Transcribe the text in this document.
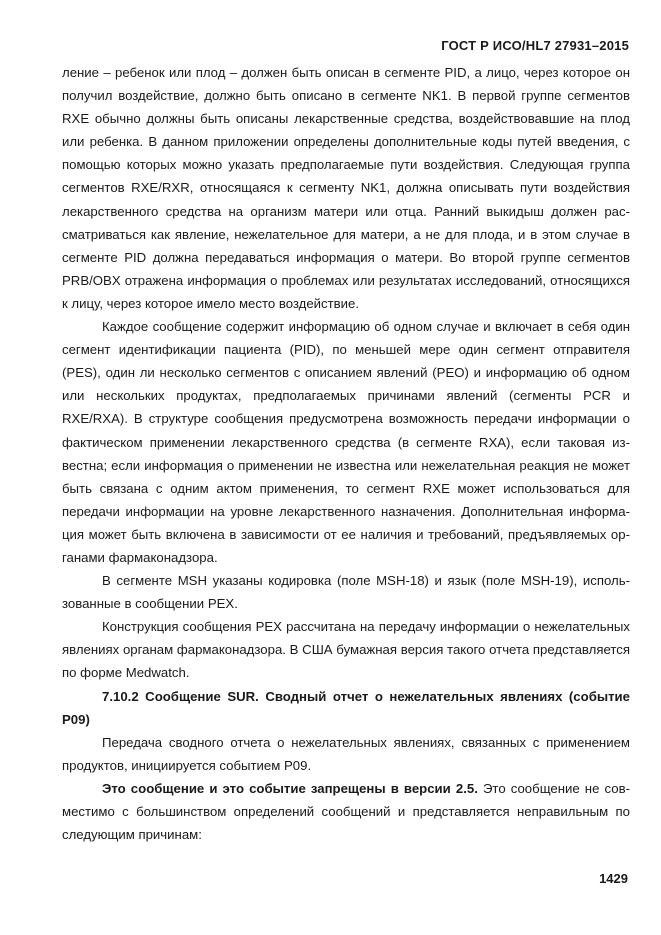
ГОСТ Р ИСО/HL7 27931–2015

ление – ребенок или плод – должен быть описан в сегменте PID, а лицо, через которое он получил воздействие, должно быть описано в сегменте NK1. В первой группе сегментов RXE обычно должны быть описаны лекарственные средства, воздействовавшие на плод или ребенка. В данном приложении определены дополнительные коды путей введения, с помощью которых можно указать предполагаемые пути воздействия. Следующая группа сегментов RXE/RXR, относящаяся к сегменту NK1, должна описывать пути воздействия лекарственного средства на организм матери или отца. Ранний выкидыш должен рассматриваться как явление, нежелательное для матери, а не для плода, и в этом случае в сегменте PID должна передаваться информация о матери. Во второй группе сегментов PRB/OBX отражена информация о проблемах или результатах исследований, относящихся к лицу, через которое имело место воздействие.

Каждое сообщение содержит информацию об одном случае и включает в себя один сегмент идентификации пациента (PID), по меньшей мере один сегмент отправителя (PES), один ли несколько сегментов с описанием явлений (PEO) и информацию об одном или нескольких продуктах, предполагаемых причинами явлений (сегменты PCR и RXE/RXA). В структуре сообщения предусмотрена возможность передачи информации о фактическом применении лекарственного средства (в сегменте RXA), если таковая известна; если информация о применении не известна или нежелательная реакция не может быть связана с одним актом применения, то сегмент RXE может использоваться для передачи информации на уровне лекарственного назначения. Дополнительная информация может быть включена в зависимости от ее наличия и требований, предъявляемых органами фармаконадзора.

В сегменте MSH указаны кодировка (поле MSH-18) и язык (поле MSH-19), использованные в сообщении PEX.

Конструкция сообщения PEX рассчитана на передачу информации о нежелательных явлениях органам фармаконадзора. В США бумажная версия такого отчета представляется по форме Medwatch.

7.10.2 Сообщение SUR. Сводный отчет о нежелательных явлениях (событие P09)

Передача сводного отчета о нежелательных явлениях, связанных с применением продуктов, инициируется событием P09.

Это сообщение и это событие запрещены в версии 2.5. Это сообщение не совместимо с большинством определений сообщений и представляется неправильным по следующим причинам:

1429
